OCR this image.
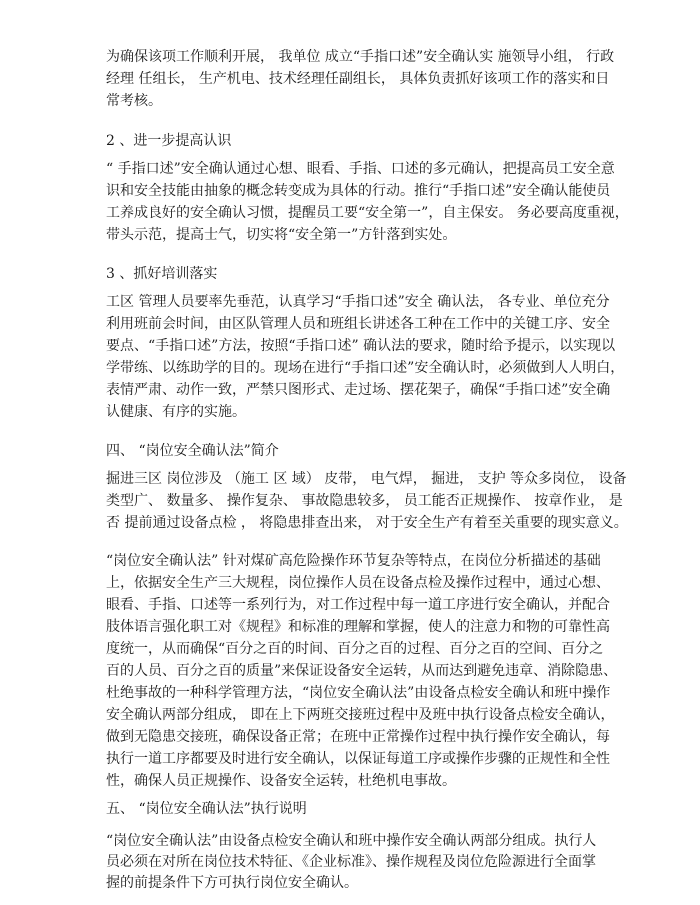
为确保该项工作顺利开展， 我单位 成立“手指口述”安全确认实 施领导小组， 行政
经理 任组长， 生产机电、技术经理任副组长， 具体负责抓好该项工作的落实和日
常考核。
2 、进一步提高认识
“ 手指口述”安全确认通过心想、眼看、手指、口述的多元确认，把提高员工安全意
识和安全技能由抽象的概念转变成为具体的行动。推行“手指口述”安全确认能使员
工养成良好的安全确认习惯，提醒员工要“安全第一”，自主保安。 务必要高度重视，
带头示范，提高士气，切实将“安全第一”方针落到实处。
3 、抓好培训落实
工区 管理人员要率先垂范，认真学习“手指口述”安全 确认法， 各专业、单位充分
利用班前会时间，由区队管理人员和班组长讲述各工种在工作中的关键工序、安全
要点、“手指口述”方法，按照“手指口述” 确认法的要求，随时给予提示，以实现以
学带练、以练助学的目的。现场在进行“手指口述”安全确认时，必须做到人人明白，
表情严肃、动作一致，严禁只图形式、走过场、摆花架子，确保“手指口述”安全确
认健康、有序的实施。
四、 “岗位安全确认法”简介
掘进三区 岗位涉及 （施工 区 域） 皮带， 电气焊， 掘进， 支护 等众多岗位， 设备
类型广、 数量多、 操作复杂、 事故隐患较多， 员工能否正规操作、 按章作业， 是
否 提前通过设备点检 ， 将隐患排查出来， 对于安全生产有着至关重要的现实意义。
“岗位安全确认法” 针对煤矿高危险操作环节复杂等特点，在岗位分析描述的基础
上，依据安全生产三大规程，岗位操作人员在设备点检及操作过程中，通过心想、
眼看、手指、口述等一系列行为，对工作过程中每一道工序进行安全确认，并配合
肢体语言强化职工对《规程》和标准的理解和掌握，使人的注意力和物的可靠性高
度统一，从而确保“百分之百的时间、百分之百的过程、百分之百的空间、百分之
百的人员、百分之百的质量”来保证设备安全运转，从而达到避免违章、消除隐患、
杜绝事故的一种科学管理方法，“岗位安全确认法”由设备点检安全确认和班中操作
安全确认两部分组成， 即在上下两班交接班过程中及班中执行设备点检安全确认，
做到无隐患交接班，确保设备正常；在班中正常操作过程中执行操作安全确认，每
执行一道工序都要及时进行安全确认，以保证每道工序或操作步骤的正规性和全性
性，确保人员正规操作、设备安全运转，杜绝机电事故。
五、 “岗位安全确认法”执行说明
“岗位安全确认法”由设备点检安全确认和班中操作安全确认两部分组成。执行人
员必须在对所在岗位技术特征、《企业标准》、操作规程及岗位危险源进行全面掌
握的前提条件下方可执行岗位安全确认。
